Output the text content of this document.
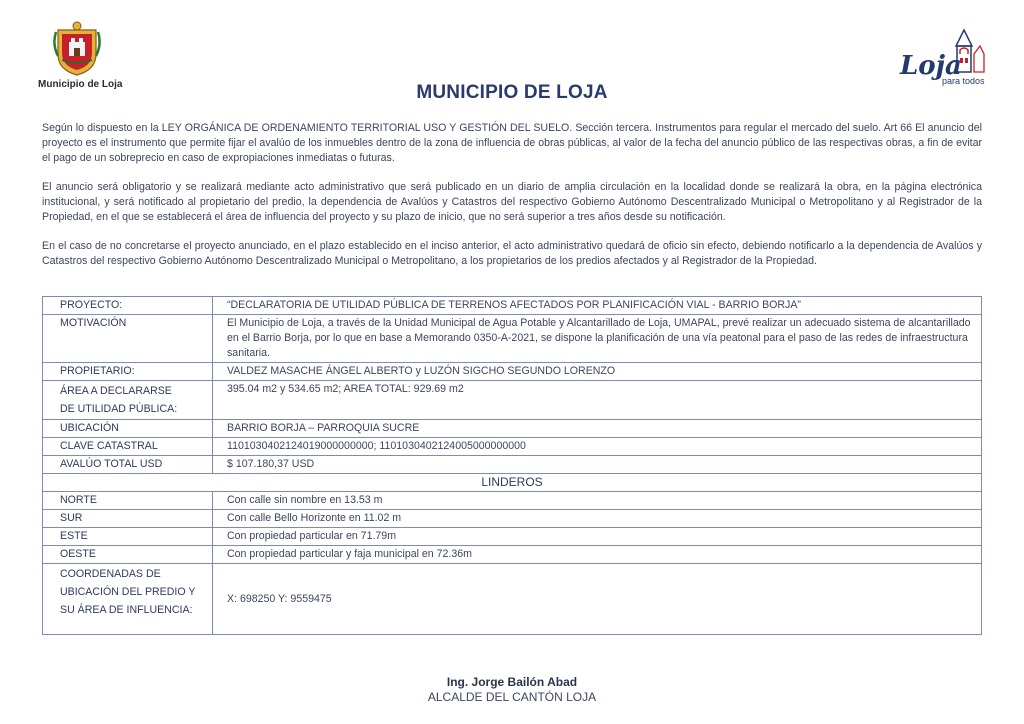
Municipio de Loja
Loja
para todos
MUNICIPIO DE LOJA

Según lo dispuesto en la LEY ORGÁNICA DE ORDENAMIENTO TERRITORIAL USO Y GESTIÓN DEL SUELO. Sección tercera. Instrumentos para regular el mercado del suelo. Art 66 El anuncio del proyecto es el instrumento que permite fijar el avalúo de los inmuebles dentro de la zona de influencia de obras públicas, al valor de la fecha del anuncio público de las respectivas obras, a fin de evitar el pago de un sobreprecio en caso de expropiaciones inmediatas o futuras.

El anuncio será obligatorio y se realizará mediante acto administrativo que será publicado en un diario de amplia circulación en la localidad donde se realizará la obra, en la página electrónica institucional, y será notificado al propietario del predio, la dependencia de Avalúos y Catastros del respectivo Gobierno Autónomo Descentralizado Municipal o Metropolitano y al Registrador de la Propiedad, en el que se establecerá el área de influencia del proyecto y su plazo de inicio, que no será superior a tres años desde su notificación.

En el caso de no concretarse el proyecto anunciado, en el plazo establecido en el inciso anterior, el acto administrativo quedará de oficio sin efecto, debiendo notificarlo a la dependencia de Avalúos y Catastros del respectivo Gobierno Autónomo Descentralizado Municipal o Metropolitano, a los propietarios de los predios afectados y al Registrador de la Propiedad.

PROYECTO:	“DECLARATORIA DE UTILIDAD PÚBLICA DE TERRENOS AFECTADOS POR PLANIFICACIÓN VIAL - BARRIO BORJA”
MOTIVACIÓN	El Municipio de Loja, a través de la Unidad Municipal de Agua Potable y Alcantarillado de Loja, UMAPAL, prevé realizar un adecuado sistema de alcantarillado en el Barrio Borja, por lo que en base a Memorando 0350-A-2021, se dispone la planificación de una vía peatonal para el paso de las redes de infraestructura sanitaria.
PROPIETARIO:	VALDEZ MASACHE ÁNGEL ALBERTO y LUZÓN SIGCHO SEGUNDO LORENZO

ÁREA A DECLARARSE
DE UTILIDAD PÚBLICA:	395.04 m2 y 534.65 m2; AREA TOTAL: 929.69 m2
UBICACIÓN	BARRIO BORJA – PARROQUIA SUCRE
CLAVE CATASTRAL	1101030402124019000000000; 1101030402124005000000000
AVALÚO TOTAL USD	$ 107.180,37 USD
LINDEROS	
NORTE	Con calle sin nombre en 13.53 m
SUR	Con calle Bello Horizonte en 11.02 m
ESTE	Con propiedad particular en 71.79m
OESTE	Con propiedad particular y faja municipal en 72.36m

COORDENADAS DE
UBICACIÓN DEL PREDIO Y
SU ÁREA DE INFLUENCIA:	X: 698250 Y: 9559475
Ing. Jorge Bailón Abad
ALCALDE DEL CANTÓN LOJA
